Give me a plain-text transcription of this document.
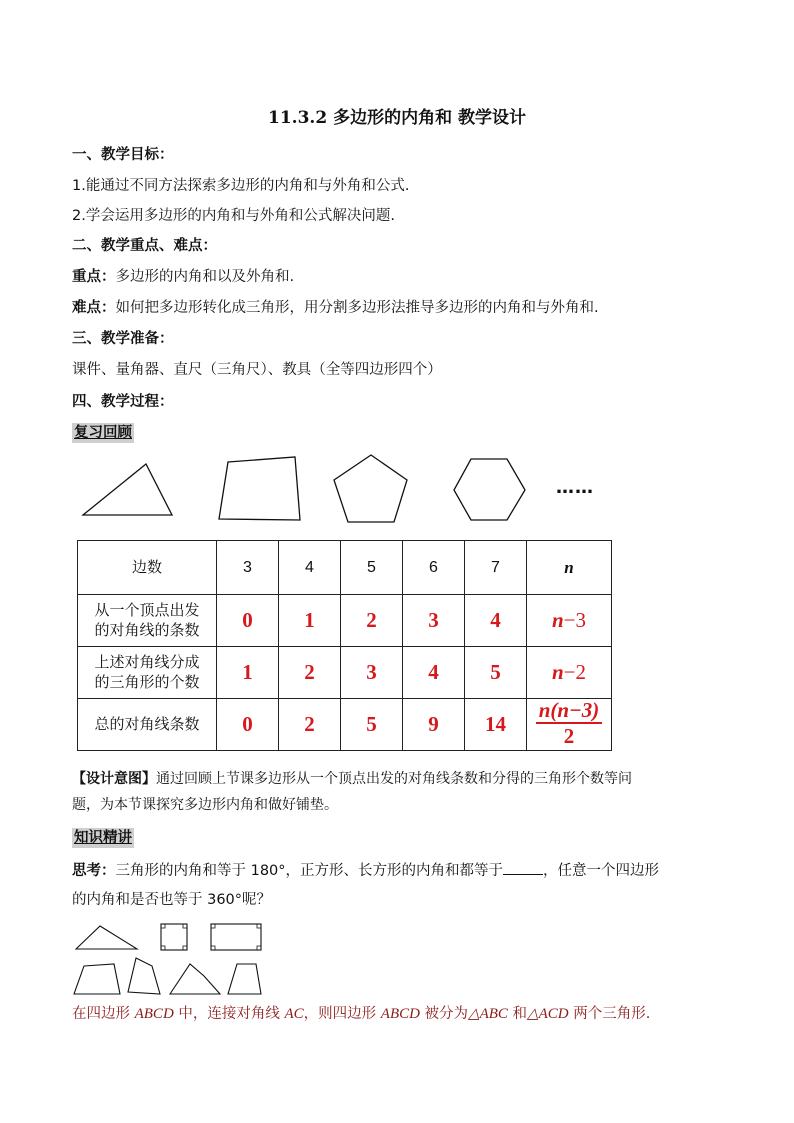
11.3.2 多边形的内角和 教学设计
一、教学目标：
1.能通过不同方法探索多边形的内角和与外角和公式.
2.学会运用多边形的内角和与外角和公式解决问题.
二、教学重点、难点：
重点：多边形的内角和以及外角和.
难点：如何把多边形转化成三角形，用分割多边形法推导多边形的内角和与外角和.
三、教学准备：
课件、量角器、直尺（三角尺）、教具（全等四边形四个）
四、教学过程：
复习回顾
……
边数	3	4	5	6	7	n

从一个顶点出发
的对角线的条数	0	1	2	3	4	n−3

上述对角线分成
的三角形的个数	1	2	3	4	5	n−2

总的对角线条数	0	2	5	9	14	$\frac{n(n-3)}{2}$
【设计意图】通过回顾上节课多边形从一个顶点出发的对角线条数和分得的三角形个数等问
题，为本节课探究多边形内角和做好铺垫。
知识精讲
思考：三角形的内角和等于 180°，正方形、长方形的内角和都等于	，任意一个四边形
的内角和是否也等于 360°呢？
在四边形 ABCD 中，连接对角线 AC，则四边形 ABCD 被分为△ABC 和△ACD 两个三角形.
